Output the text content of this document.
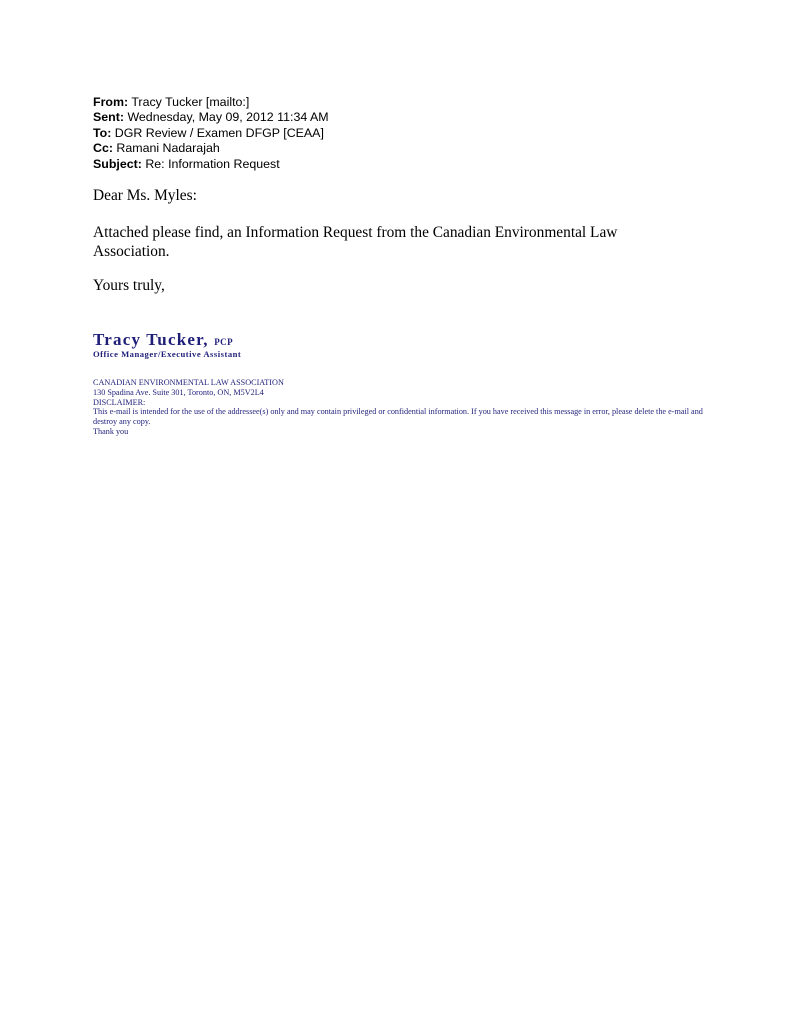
From: Tracy Tucker [mailto:]
Sent: Wednesday, May 09, 2012 11:34 AM
To: DGR Review / Examen DFGP [CEAA]
Cc: Ramani Nadarajah
Subject: Re: Information Request
Dear Ms. Myles:
Attached please find, an Information Request from the Canadian Environmental Law Association.
Yours truly,
Tracy Tucker, PCP
Office Manager/Executive Assistant
CANADIAN ENVIRONMENTAL LAW ASSOCIATION
130 Spadina Ave. Suite 301, Toronto, ON, M5V2L4
DISCLAIMER:
This e-mail is intended for the use of the addressee(s) only and may contain privileged or confidential information. If you have received this message in error, please delete the e-mail and destroy any copy.
Thank you
